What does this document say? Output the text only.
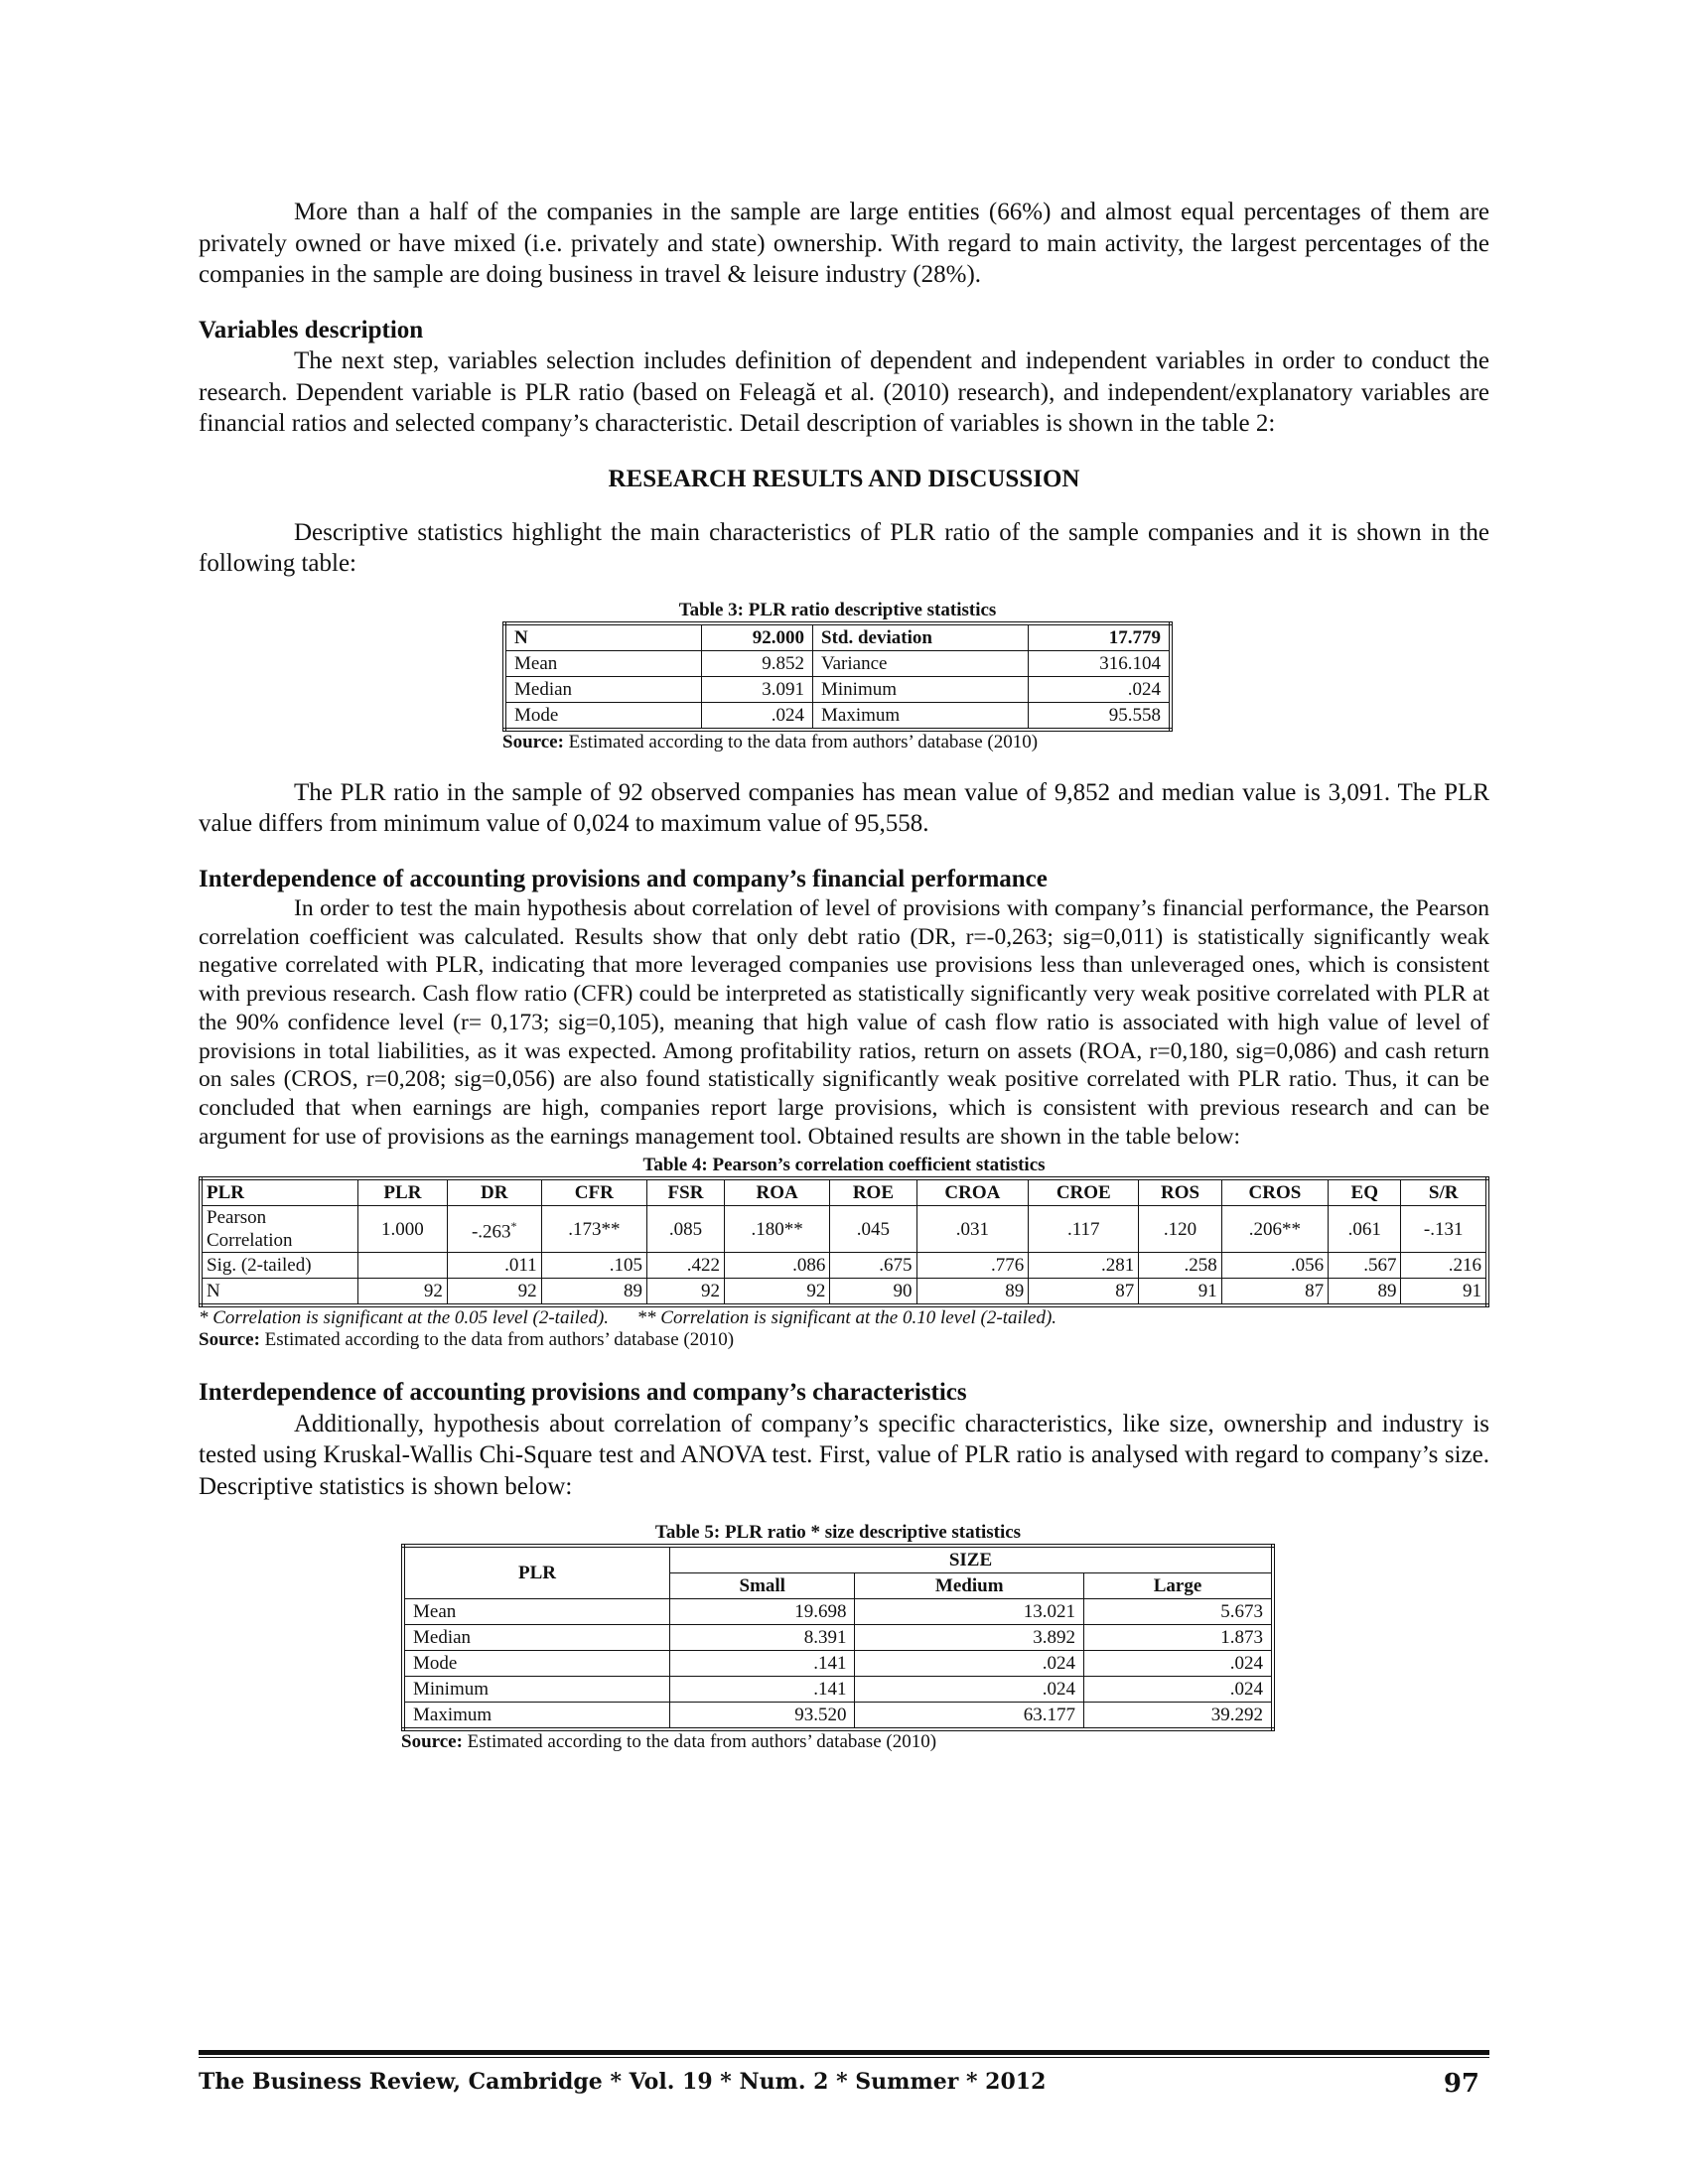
More than a half of the companies in the sample are large entities (66%) and almost equal percentages of them are privately owned or have mixed (i.e. privately and state) ownership. With regard to main activity, the largest percentages of the companies in the sample are doing business in travel & leisure industry (28%).

Variables description

The next step, variables selection includes definition of dependent and independent variables in order to conduct the research. Dependent variable is PLR ratio (based on Feleagă et al. (2010) research), and independent/explanatory variables are financial ratios and selected company’s characteristic. Detail description of variables is shown in the table 2:

RESEARCH RESULTS AND DISCUSSION

Descriptive statistics highlight the main characteristics of PLR ratio of the sample companies and it is shown in the following table:

Table 3: PLR ratio descriptive statistics
N	92.000	Std. deviation	17.779
Mean	9.852	Variance	316.104
Median	3.091	Minimum	.024
Mode	.024	Maximum	95.558
Source: Estimated according to the data from authors’ database (2010)

The PLR ratio in the sample of 92 observed companies has mean value of 9,852 and median value is 3,091. The PLR value differs from minimum value of 0,024 to maximum value of 95,558.

Interdependence of accounting provisions and company’s financial performance

In order to test the main hypothesis about correlation of level of provisions with company’s financial performance, the Pearson correlation coefficient was calculated. Results show that only debt ratio (DR, r=-0,263; sig=0,011) is statistically significantly weak negative correlated with PLR, indicating that more leveraged companies use provisions less than unleveraged ones, which is consistent with previous research. Cash flow ratio (CFR) could be interpreted as statistically significantly very weak positive correlated with PLR at the 90% confidence level (r= 0,173; sig=0,105), meaning that high value of cash flow ratio is associated with high value of level of provisions in total liabilities, as it was expected. Among profitability ratios, return on assets (ROA, r=0,180, sig=0,086) and cash return on sales (CROS, r=0,208; sig=0,056) are also found statistically significantly weak positive correlated with PLR ratio. Thus, it can be concluded that when earnings are high, companies report large provisions, which is consistent with previous research and can be argument for use of provisions as the earnings management tool. Obtained results are shown in the table below:

Table 4: Pearson’s correlation coefficient statistics
PLR	PLR	DR	CFR	FSR	ROA	ROE	CROA	CROE	ROS	CROS	EQ	S/R
Pearson Correlation	1.000	-.263*	.173**	.085	.180**	.045	.031	.117	.120	.206**	.061	-.131
Sig. (2-tailed)		.011	.105	.422	.086	.675	.776	.281	.258	.056	.567	.216
N	92	92	89	92	92	90	89	87	91	87	89	91
* Correlation is significant at the 0.05 level (2-tailed). ** Correlation is significant at the 0.10 level (2-tailed).
Source: Estimated according to the data from authors’ database (2010)
Interdependence of accounting provisions and company’s characteristics

Additionally, hypothesis about correlation of company’s specific characteristics, like size, ownership and industry is tested using Kruskal-Wallis Chi-Square test and ANOVA test. First, value of PLR ratio is analysed with regard to company’s size. Descriptive statistics is shown below:

Table 5: PLR ratio * size descriptive statistics
PLR	SIZE		
	Small	Medium	Large
Mean	19.698	13.021	5.673
Median	8.391	3.892	1.873
Mode	.141	.024	.024
Minimum	.141	.024	.024
Maximum	93.520	63.177	39.292
Source: Estimated according to the data from authors’ database (2010)
The Business Review, Cambridge * Vol. 19 * Num. 2 * Summer * 2012	97
